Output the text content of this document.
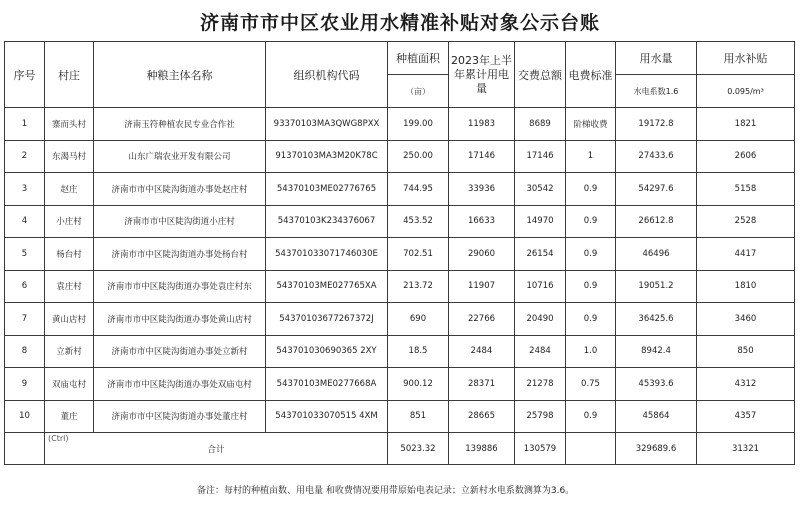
济南市市中区农业用水精准补贴对象公示台账
序号	村庄	种粮主体名称	组织机构代码	种植面积	2023年上半年累计用电量	交费总额	电费标准	用水量	用水补贴
				（亩）				水电系数1.6	0.095/m³
1	寨而头村	济南玉符种植农民专业合作社	93370103MA3QWG8PXX	199.00	11983	8689	阶梯收费	19172.8	1821
2	东渴马村	山东广瑞农业开发有限公司	91370103MA3M20K78C	250.00	17146	17146	1	27433.6	2606
3	赵庄	济南市市中区陡沟街道办事处赵庄村	54370103ME02776765	744.95	33936	30542	0.9	54297.6	5158
4	小庄村	济南市市中区陡沟街道小庄村	54370103K234376067	453.52	16633	14970	0.9	26612.8	2528
5	杨台村	济南市市中区陡沟街道办事处杨台村	543701033071746030E	702.51	29060	26154	0.9	46496	4417
6	袁庄村	济南市市中区陡沟街道办事处袁庄村东	54370103ME027765XA	213.72	11907	10716	0.9	19051.2	1810
7	黄山店村	济南市市中区陡沟街道办事处黄山店村	54370103677267372J	690	22766	20490	0.9	36425.6	3460
8	立新村	济南市市中区陡沟街道办事处立新村	543701030690365 2XY	18.5	2484	2484	1.0	8942.4	850
9	双庙屯村	济南市市中区陡沟街道办事处双庙屯村	54370103ME0277668A	900.12	28371	21278	0.75	45393.6	4312
10	董庄	济南市市中区陡沟街道办事处董庄村	543701033070515 4XM	851	28665	25798	0.9	45864	4357

(Ctrl)	合计			5023.32	139886	130579		329689.6	31321
备注：每村的种植亩数、用电量 和收费情况要用带原始电表记录；立新村水电系数测算为3.6。
